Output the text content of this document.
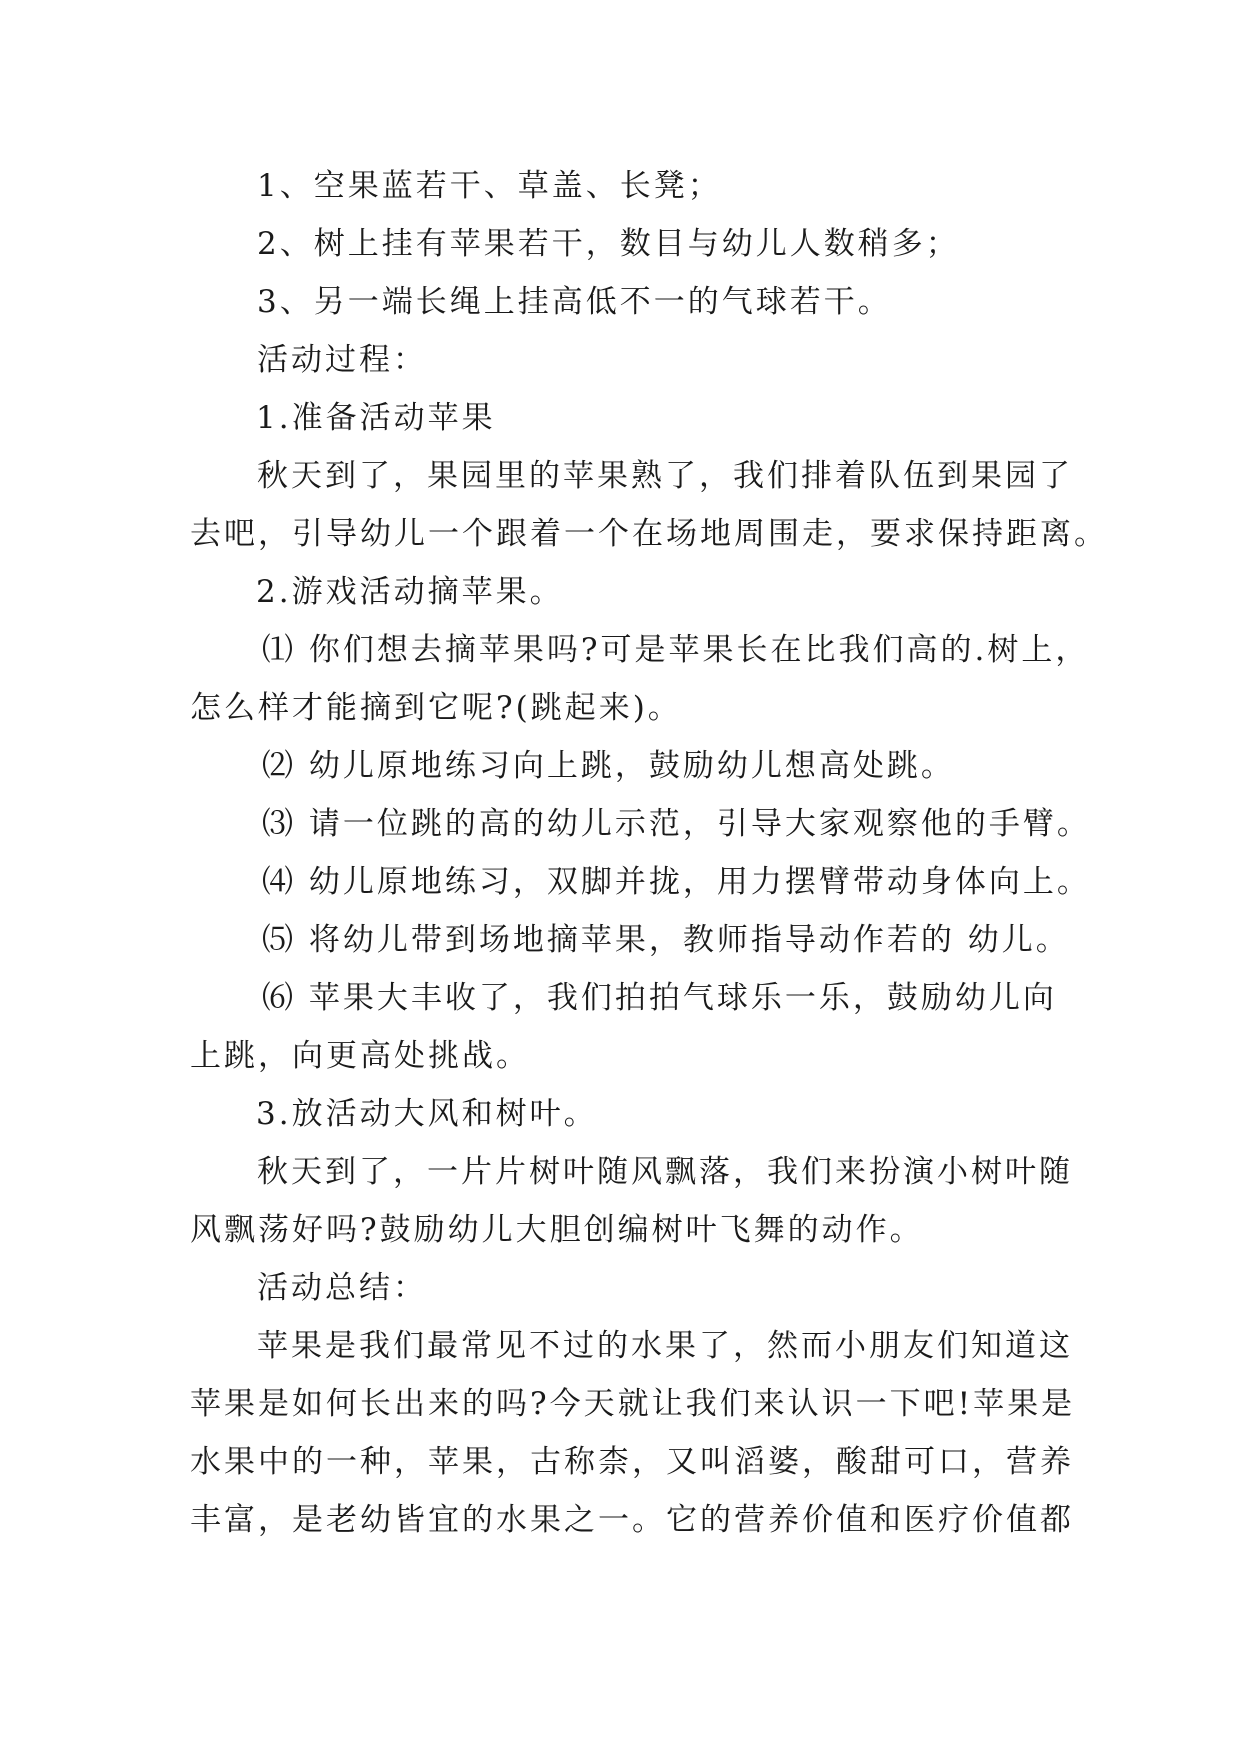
1、空果蓝若干、草盖、长凳；
2、树上挂有苹果若干，数目与幼儿人数稍多；
3、另一端长绳上挂高低不一的气球若干。
活动过程：
1.准备活动苹果
秋天到了，果园里的苹果熟了，我们排着队伍到果园了
去吧，引导幼儿一个跟着一个在场地周围走，要求保持距离。
2.游戏活动摘苹果。
⑴ 你们想去摘苹果吗?可是苹果长在比我们高的.树上，
怎么样才能摘到它呢?(跳起来)。
⑵ 幼儿原地练习向上跳，鼓励幼儿想高处跳。
⑶ 请一位跳的高的幼儿示范，引导大家观察他的手臂。
⑷ 幼儿原地练习，双脚并拢，用力摆臂带动身体向上。
⑸ 将幼儿带到场地摘苹果，教师指导动作若的 幼儿。
⑹ 苹果大丰收了，我们拍拍气球乐一乐，鼓励幼儿向
上跳，向更高处挑战。
3.放活动大风和树叶。
秋天到了，一片片树叶随风飘落，我们来扮演小树叶随
风飘荡好吗?鼓励幼儿大胆创编树叶飞舞的动作。
活动总结：
苹果是我们最常见不过的水果了，然而小朋友们知道这
苹果是如何长出来的吗?今天就让我们来认识一下吧!苹果是
水果中的一种，苹果，古称柰，又叫滔婆，酸甜可口，营养
丰富，是老幼皆宜的水果之一。它的营养价值和医疗价值都
